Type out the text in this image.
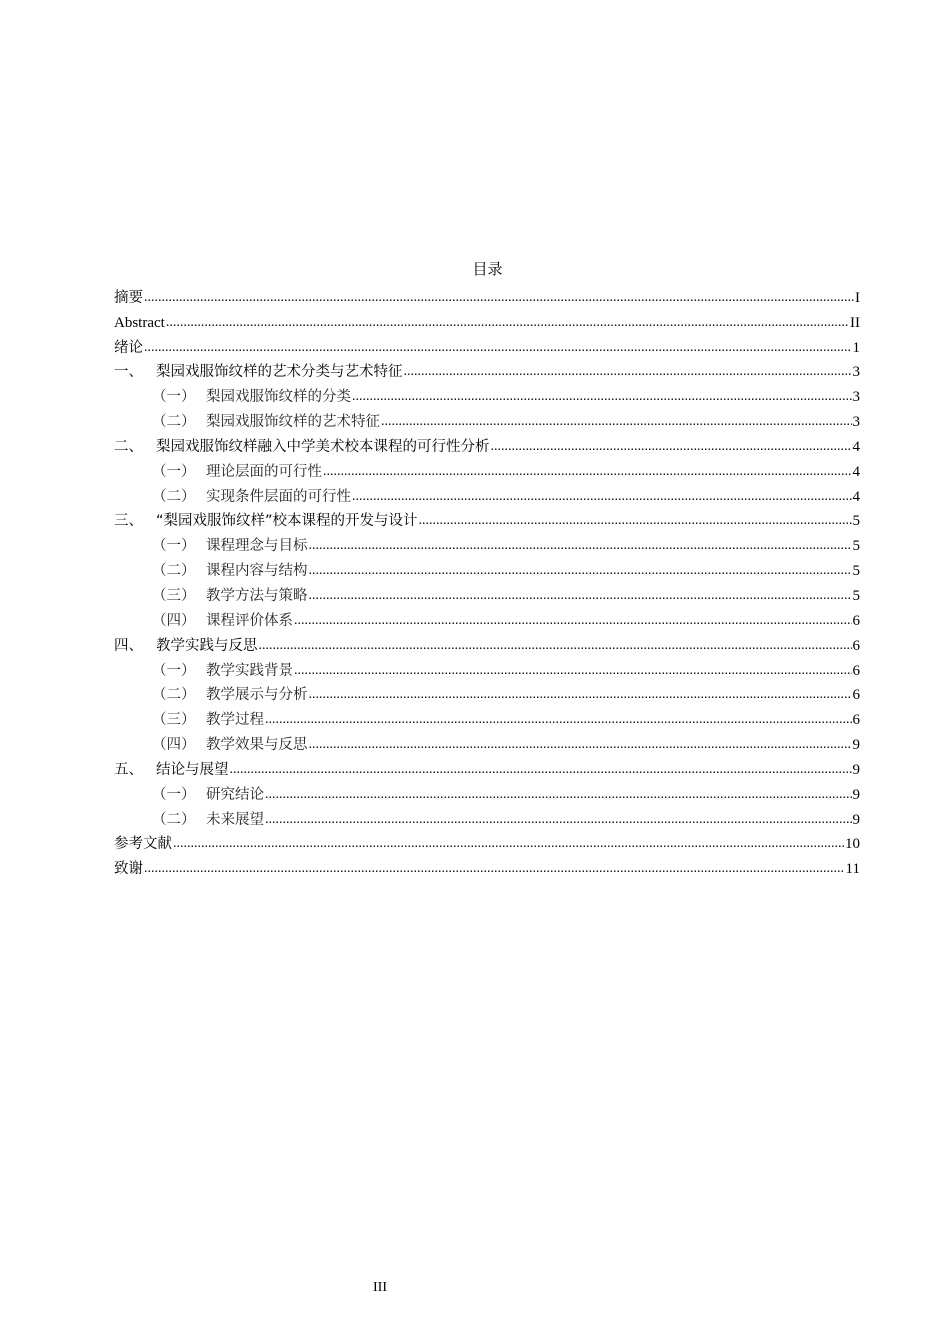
目录
摘要 .....	I
Abstract .....	II
绪论 .....	1
一、 梨园戏服饰纹样的艺术分类与艺术特征 .....	3
（一） 梨园戏服饰纹样的分类 .....	3
（二） 梨园戏服饰纹样的艺术特征 .....	3
二、 梨园戏服饰纹样融入中学美术校本课程的可行性分析 .....	4
（一） 理论层面的可行性 .....	4
（二） 实现条件层面的可行性 .....	4
三、 “梨园戏服饰纹样”校本课程的开发与设计 .....	5
（一） 课程理念与目标 .....	5
（二） 课程内容与结构 .....	5
（三） 教学方法与策略 .....	5
（四） 课程评价体系 .....	6
四、 教学实践与反思 .....	6
（一） 教学实践背景 .....	6
（二） 教学展示与分析 .....	6
（三） 教学过程 .....	6
（四） 教学效果与反思 .....	9
五、 结论与展望 .....	9
（一） 研究结论 .....	9
（二） 未来展望 .....	9
参考文献 .....	10
致谢 .....	11
III
